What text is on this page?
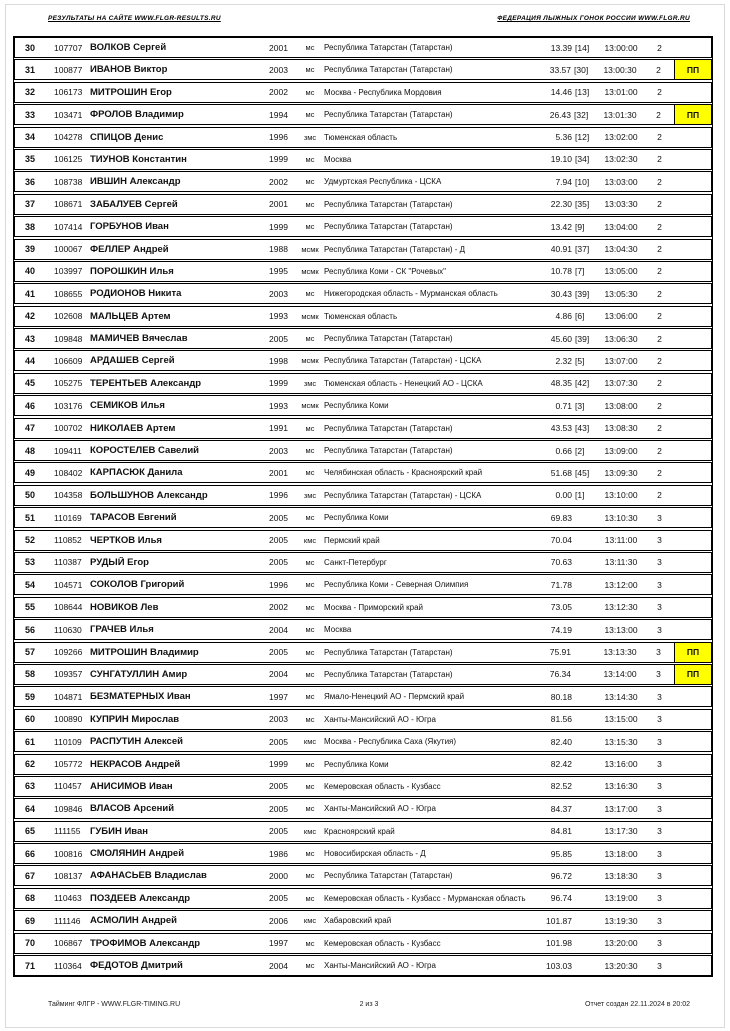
РЕЗУЛЬТАТЫ НА САЙТЕ WWW.FLGR-RESULTS.RU	ФЕДЕРАЦИЯ ЛЫЖНЫХ ГОНОК РОССИИ WWW.FLGR.RU
30	107707 ВОЛКОВ Сергей	2001	мс	Республика Татарстан (Татарстан)	13.39 [14]	13:00:00	2
31	100877 ИВАНОВ Виктор	2003	мс	Республика Татарстан (Татарстан)	33.57 [30]	13:00:30	2	ПП
32	106173 МИТРОШИН Егор	2002	мс	Москва - Республика Мордовия	14.46 [13]	13:01:00	2
33	103471 ФРОЛОВ Владимир	1994	мс	Республика Татарстан (Татарстан)	26.43 [32]	13:01:30	2	ПП
34	104278 СПИЦОВ Денис	1996	змс Тюменская область	5.36 [12]	13:02:00	2
35	106125 ТИУНОВ Константин	1999	мс	Москва	19.10 [34]	13:02:30	2
36	108738 ИВШИН Александр	2002	мс	Удмуртская Республика - ЦСКА	7.94 [10]	13:03:00	2
37	108671 ЗАБАЛУЕВ Сергей	2001	мс	Республика Татарстан (Татарстан)	22.30 [35]	13:03:30	2
38	107414 ГОРБУНОВ Иван	1999	мс	Республика Татарстан (Татарстан)	13.42 [9]	13:04:00	2
39	100067 ФЕЛЛЕР Андрей	1988	мсмк Республика Татарстан (Татарстан) - Д	40.91 [37]	13:04:30	2
40	103997 ПОРОШКИН Илья	1995	мсмк Республика Коми - СК "Рочевых"	10.78 [7]	13:05:00	2
41	108655 РОДИОНОВ Никита	2003	мс	Нижегородская область - Мурманская область	30.43 [39]	13:05:30	2
42	102608 МАЛЬЦЕВ Артем	1993	мсмк Тюменская область	4.86 [6]	13:06:00	2
43	109848 МАМИЧЕВ Вячеслав	2005	мс	Республика Татарстан (Татарстан)	45.60 [39]	13:06:30	2
44	106609 АРДАШЕВ Сергей	1998	мсмк Республика Татарстан (Татарстан) - ЦСКА	2.32 [5]	13:07:00	2
45	105275 ТЕРЕНТЬЕВ Александр	1999	змс Тюменская область - Ненецкий АО - ЦСКА	48.35 [42]	13:07:30	2
46	103176 СЕМИКОВ Илья	1993	мсмк Республика Коми	0.71 [3]	13:08:00	2
47	100702 НИКОЛАЕВ Артем	1991	мс	Республика Татарстан (Татарстан)	43.53 [43]	13:08:30	2
48	109411 КОРОСТЕЛЕВ Савелий	2003	мс	Республика Татарстан (Татарстан)	0.66 [2]	13:09:00	2
49	108402 КАРПАСЮК Данила	2001	мс	Челябинская область - Красноярский край	51.68 [45]	13:09:30	2
50	104358 БОЛЬШУНОВ Александр	1996	змс Республика Татарстан (Татарстан) - ЦСКА	0.00 [1]	13:10:00	2
51	110169 ТАРАСОВ Евгений	2005	мс	Республика Коми	69.83	13:10:30	3
52	110852 ЧЕРТКОВ Илья	2005	кмс Пермский край	70.04	13:11:00	3
53	110387 РУДЫЙ Егор	2005	мс	Санкт-Петербург	70.63	13:11:30	3
54	104571 СОКОЛОВ Григорий	1996	мс	Республика Коми - Северная Олимпия	71.78	13:12:00	3
55	108644 НОВИКОВ Лев	2002	мс	Москва - Приморский край	73.05	13:12:30	3
56	110630 ГРАЧЕВ Илья	2004	мс	Москва	74.19	13:13:00	3
57	109266 МИТРОШИН Владимир	2005	мс	Республика Татарстан (Татарстан)	75.91	13:13:30	3	ПП
58	109357 СУНГАТУЛЛИН Амир	2004	мс	Республика Татарстан (Татарстан)	76.34	13:14:00	3	ПП
59	104871 БЕЗМАТЕРНЫХ Иван	1997	мс	Ямало-Ненецкий АО - Пермский край	80.18	13:14:30	3
60	100890 КУПРИН Мирослав	2003	мс	Ханты-Мансийский АО - Югра	81.56	13:15:00	3
61	110109 РАСПУТИН Алексей	2005	кмс Москва - Республика Саха (Якутия)	82.40	13:15:30	3
62	105772 НЕКРАСОВ Андрей	1999	мс	Республика Коми	82.42	13:16:00	3
63	110457 АНИСИМОВ Иван	2005	мс	Кемеровская область - Кузбасс	82.52	13:16:30	3
64	109846 ВЛАСОВ Арсений	2005	мс	Ханты-Мансийский АО - Югра	84.37	13:17:00	3
65	111155	ГУБИН Иван	2005	кмс Красноярский край	84.81	13:17:30	3
66	100816 СМОЛЯНИН Андрей	1986	мс	Новосибирская область - Д	95.85	13:18:00	3
67	108137 АФАНАСЬЕВ Владислав	2000	мс	Республика Татарстан (Татарстан)	96.72	13:18:30	3
68	110463 ПОЗДЕЕВ Александр	2005	мс	Кемеровская область - Кузбасс - Мурманская область	96.74	13:19:00	3
69	111146	АСМОЛИН Андрей	2006	кмс Хабаровский край	101.87	13:19:30	3
70	106867 ТРОФИМОВ Александр	1997	мс	Кемеровская область - Кузбасс	101.98	13:20:00	3
71	110364 ФЕДОТОВ Дмитрий	2004	мс	Ханты-Мансийский АО - Югра	103.03	13:20:30	3
Тайминг ФЛГР - WWW.FLGR-TIMING.RU	2 из 3	Отчет создан 22.11.2024 в 20:02
